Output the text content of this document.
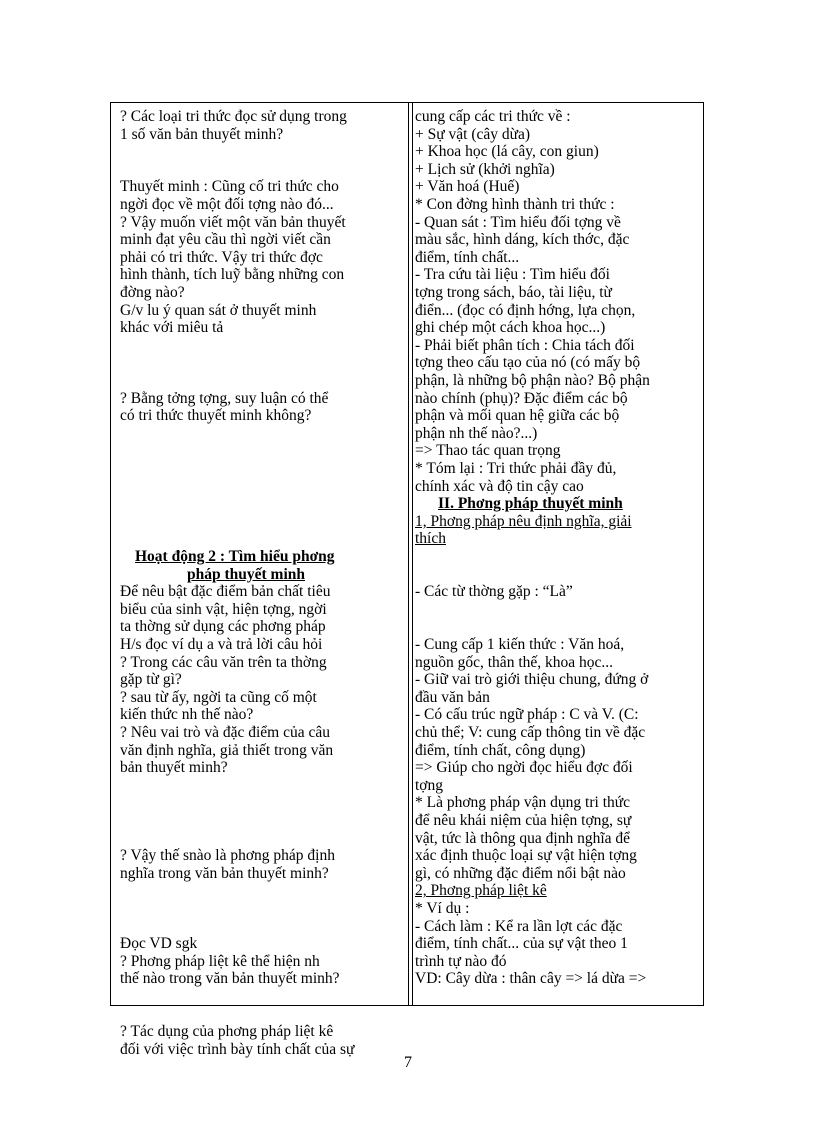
? Các loại tri thức đọc sử dụng trong
1 số văn bản thuyết minh?
Thuyết minh : Cũng cố tri thức cho
ngời đọc về một đối tợng nào đó...
? Vậy muốn viết một văn bản thuyết
minh đạt yêu cầu thì ngời viết cần
phải có tri thức. Vậy tri thức đợc
hình thành, tích luỹ bằng những con
đờng nào?
G/v lu ý quan sát ở thuyết minh
khác với miêu tả
? Bằng tởng tợng, suy luận có thể
có tri thức thuyết minh không?
Hoạt động 2 : Tìm hiểu phơng
pháp thuyết minh
Để nêu bật đặc điểm bản chất tiêu
biểu của sinh vật, hiện tợng, ngời
ta thờng sử dụng các phơng pháp
H/s đọc ví dụ a và trả lời câu hỏi
? Trong các câu văn trên ta thờng
gặp từ gì?
? sau từ ấy, ngời ta cũng cố một
kiến thức nh thế nào?
? Nêu vai trò và đặc điểm của câu
văn định nghĩa, giả thiết trong văn
bản thuyết minh?
? Vậy thế snào là phơng pháp định
nghĩa trong văn bản thuyết minh?
Đọc VD sgk
? Phơng pháp liệt kê thể hiện nh
thế nào trong văn bản thuyết minh?
? Tác dụng của phơng pháp liệt kê
đối với việc trình bày tính chất của sự
cung cấp các tri thức về :
+ Sự vật (cây dừa)
+ Khoa học (lá cây, con giun)
+ Lịch sử (khởi nghĩa)
+ Văn hoá (Huế)
* Con đờng hình thành tri thức :
- Quan sát : Tìm hiểu đối tợng về
màu sắc, hình dáng, kích thớc, đặc
điểm, tính chất...
- Tra cứu tài liệu : Tìm hiểu đối
tợng trong sách, báo, tài liệu, từ
điển... (đọc có định hớng, lựa chọn,
ghi chép một cách khoa học...)
- Phải biết phân tích : Chia tách đối
tợng theo cấu tạo của nó (có mấy bộ
phận, là những bộ phận nào? Bộ phận
nào chính (phụ)? Đặc điểm các bộ
phận và mối quan hệ giữa các bộ
phận nh thế nào?...)
=> Thao tác quan trọng
* Tóm lại : Tri thức phải đầy đủ,
chính xác và độ tin cậy cao
II. Phơng pháp thuyết minh
1, Phơng pháp nêu định nghĩa, giải
thích
- Các từ thờng gặp : “Là”
- Cung cấp 1 kiến thức : Văn hoá,
nguồn gốc, thân thế, khoa học...
- Giữ vai trò giới thiệu chung, đứng ở
đầu văn bản
- Có cấu trúc ngữ pháp : C và V. (C:
chủ thể; V: cung cấp thông tin về đặc
điểm, tính chất, công dụng)
=> Giúp cho ngời đọc hiểu đợc đối
tợng
* Là phơng pháp vận dụng tri thức
để nêu khái niệm của hiện tợng, sự
vật, tức là thông qua định nghĩa để
xác định thuộc loại sự vật hiện tợng
gì, có những đặc điểm nổi bật nào
2, Phơng pháp liệt kê
* Ví dụ :
- Cách làm : Kể ra lần lợt các đặc
điểm, tính chất... của sự vật theo 1
trình tự nào đó
VD: Cây dừa : thân cây => lá dừa =>
7
